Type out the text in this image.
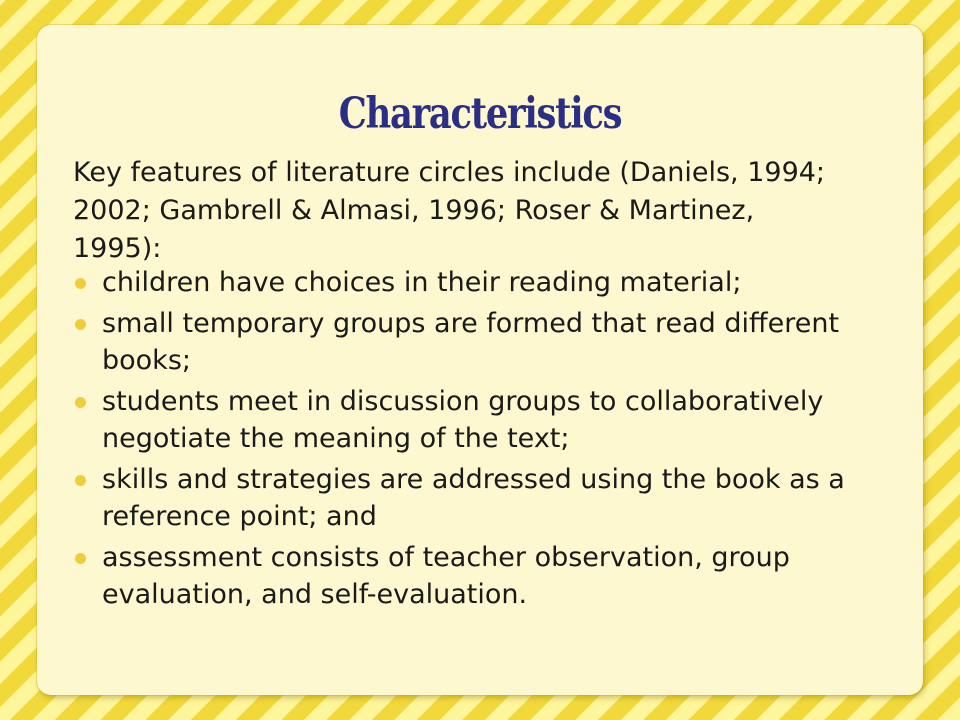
Characteristics
Key features of literature circles include (Daniels, 1994; 2002; Gambrell & Almasi, 1996; Roser & Martinez, 1995):
children have choices in their reading material;
small temporary groups are formed that read different books;
students meet in discussion groups to collaboratively negotiate the meaning of the text;
skills and strategies are addressed using the book as a reference point; and
assessment consists of teacher observation, group evaluation, and self-evaluation.
